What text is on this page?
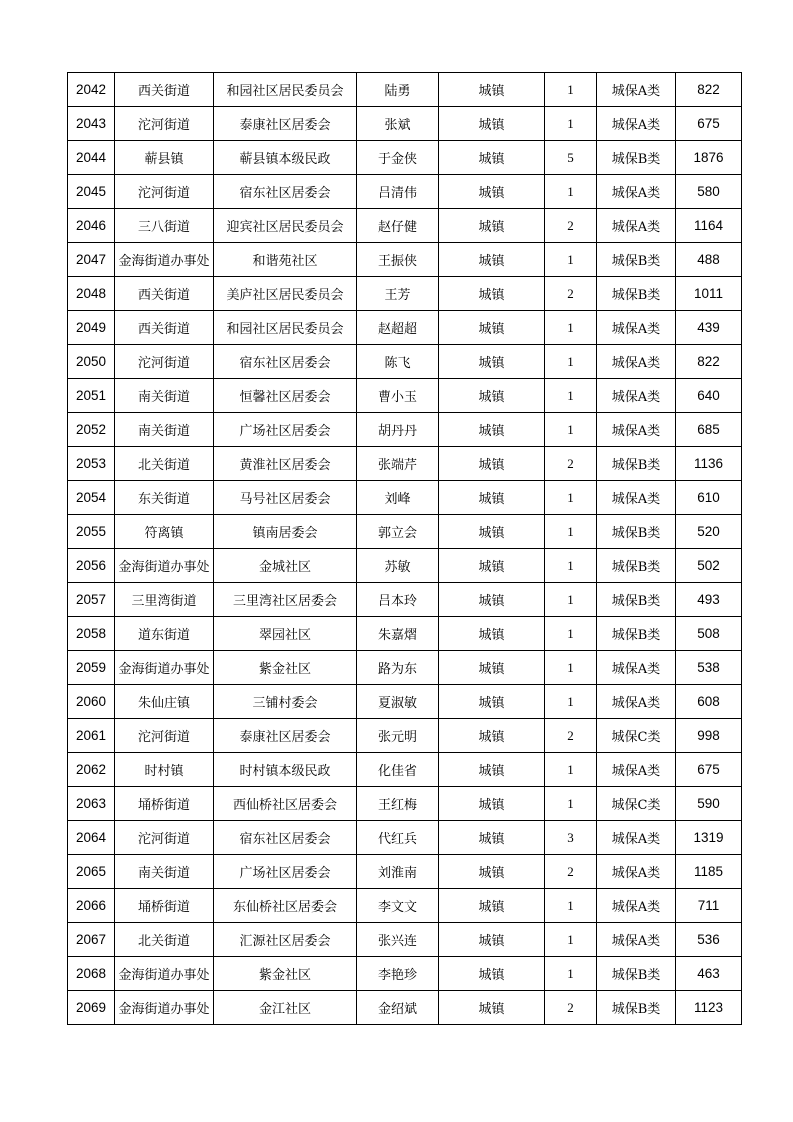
2042	西关街道	和园社区居民委员会	陆勇	城镇	1	城保A类	822
2043	沱河街道	泰康社区居委会	张斌	城镇	1	城保A类	675
2044	蕲县镇	蕲县镇本级民政	于金侠	城镇	5	城保B类	1876
2045	沱河街道	宿东社区居委会	吕清伟	城镇	1	城保A类	580
2046	三八街道	迎宾社区居民委员会	赵仔健	城镇	2	城保A类	1164
2047	金海街道办事处	和谐苑社区	王振侠	城镇	1	城保B类	488
2048	西关街道	美庐社区居民委员会	王芳	城镇	2	城保B类	1011
2049	西关街道	和园社区居民委员会	赵超超	城镇	1	城保A类	439
2050	沱河街道	宿东社区居委会	陈飞	城镇	1	城保A类	822
2051	南关街道	恒馨社区居委会	曹小玉	城镇	1	城保A类	640
2052	南关街道	广场社区居委会	胡丹丹	城镇	1	城保A类	685
2053	北关街道	黄淮社区居委会	张端芹	城镇	2	城保B类	1136
2054	东关街道	马号社区居委会	刘峰	城镇	1	城保A类	610
2055	符离镇	镇南居委会	郭立会	城镇	1	城保B类	520
2056	金海街道办事处	金城社区	苏敏	城镇	1	城保B类	502
2057	三里湾街道	三里湾社区居委会	吕本玲	城镇	1	城保B类	493
2058	道东街道	翠园社区	朱嘉熠	城镇	1	城保B类	508
2059	金海街道办事处	紫金社区	路为东	城镇	1	城保A类	538
2060	朱仙庄镇	三铺村委会	夏淑敏	城镇	1	城保A类	608
2061	沱河街道	泰康社区居委会	张元明	城镇	2	城保C类	998
2062	时村镇	时村镇本级民政	化佳省	城镇	1	城保A类	675
2063	埇桥街道	西仙桥社区居委会	王红梅	城镇	1	城保C类	590
2064	沱河街道	宿东社区居委会	代红兵	城镇	3	城保A类	1319
2065	南关街道	广场社区居委会	刘淮南	城镇	2	城保A类	1185
2066	埇桥街道	东仙桥社区居委会	李文文	城镇	1	城保A类	711
2067	北关街道	汇源社区居委会	张兴连	城镇	1	城保A类	536
2068	金海街道办事处	紫金社区	李艳珍	城镇	1	城保B类	463
2069	金海街道办事处	金江社区	金绍斌	城镇	2	城保B类	1123
